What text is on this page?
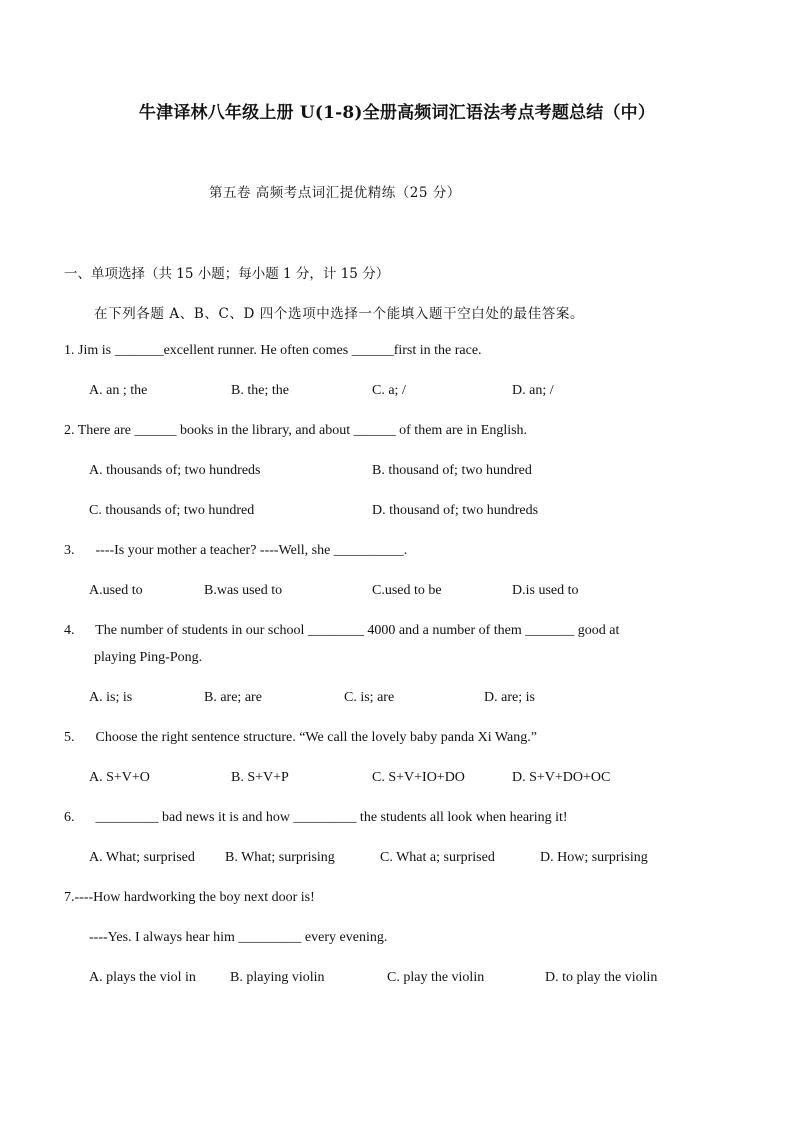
牛津译林八年级上册 U(1-8)全册高频词汇语法考点考题总结（中）
第五卷 高频考点词汇提优精练（25 分）
一、单项选择（共 15 小题；每小题 1 分，计 15 分）
在下列各题 A、B、C、D 四个选项中选择一个能填入题干空白处的最佳答案。
1. Jim is _______excellent runner. He often comes ______first in the race.
A. an ; the	B. the; the	C. a; /	D. an; /
2. There are ______ books in the library, and about ______ of them are in English.
A. thousands of; two hundreds	B. thousand of; two hundred
C. thousands of; two hundred	D. thousand of; two hundreds
3. ----Is your mother a teacher? ----Well, she __________.
A.used to	B.was used to	C.used to be	D.is used to
4. The number of students in our school ________ 4000 and a number of them _______ good at
playing Ping-Pong.
A. is; is	B. are; are	C. is; are	D. are; is
5. Choose the right sentence structure. “We call the lovely baby panda Xi Wang.”
A. S+V+O	B. S+V+P	C. S+V+IO+DO	D. S+V+DO+OC
6. _________ bad news it is and how _________ the students all look when hearing it!
A. What; surprised B. What; surprising	C. What a; surprised	D. How; surprising
7.----How hardworking the boy next door is!
----Yes. I always hear him _________ every evening.
A. plays the viol in B. playing violin	C. play the violin	D. to play the violin
